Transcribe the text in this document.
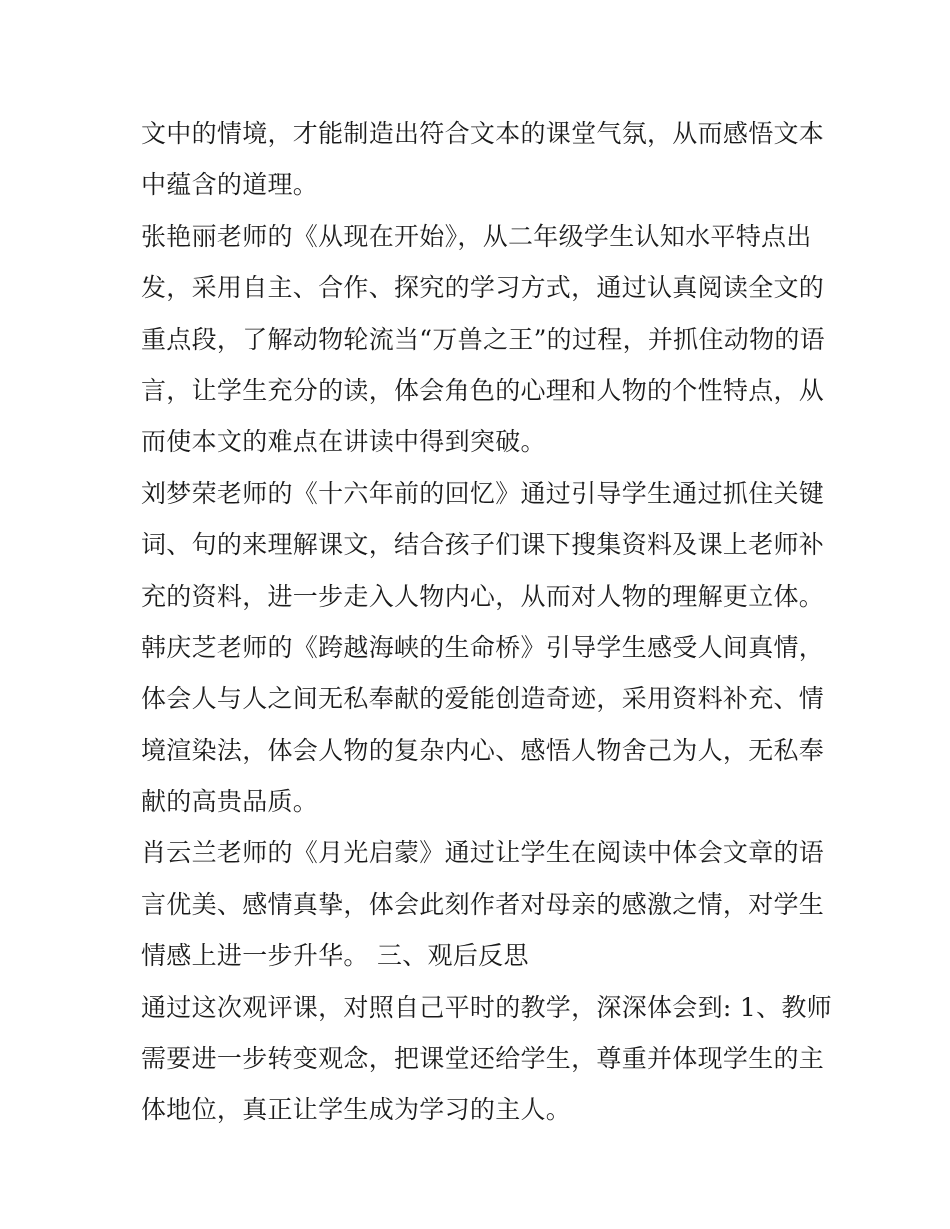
文中的情境，才能制造出符合文本的课堂气氛，从而感悟文本
中蕴含的道理。
张艳丽老师的《从现在开始》，从二年级学生认知水平特点出
发，采用自主、合作、探究的学习方式，通过认真阅读全文的
重点段，了解动物轮流当“万兽之王”的过程，并抓住动物的语
言，让学生充分的读，体会角色的心理和人物的个性特点，从
而使本文的难点在讲读中得到突破。
刘梦荣老师的《十六年前的回忆》通过引导学生通过抓住关键
词、句的来理解课文，结合孩子们课下搜集资料及课上老师补
充的资料，进一步走入人物内心，从而对人物的理解更立体。
韩庆芝老师的《跨越海峡的生命桥》引导学生感受人间真情，
体会人与人之间无私奉献的爱能创造奇迹，采用资料补充、情
境渲染法，体会人物的复杂内心、感悟人物舍己为人，无私奉
献的高贵品质。
肖云兰老师的《月光启蒙》通过让学生在阅读中体会文章的语
言优美、感情真挚，体会此刻作者对母亲的感激之情，对学生
情感上进一步升华。 三、观后反思
通过这次观评课，对照自己平时的教学，深深体会到: 1、教师
需要进一步转变观念，把课堂还给学生，尊重并体现学生的主
体地位，真正让学生成为学习的主人。
